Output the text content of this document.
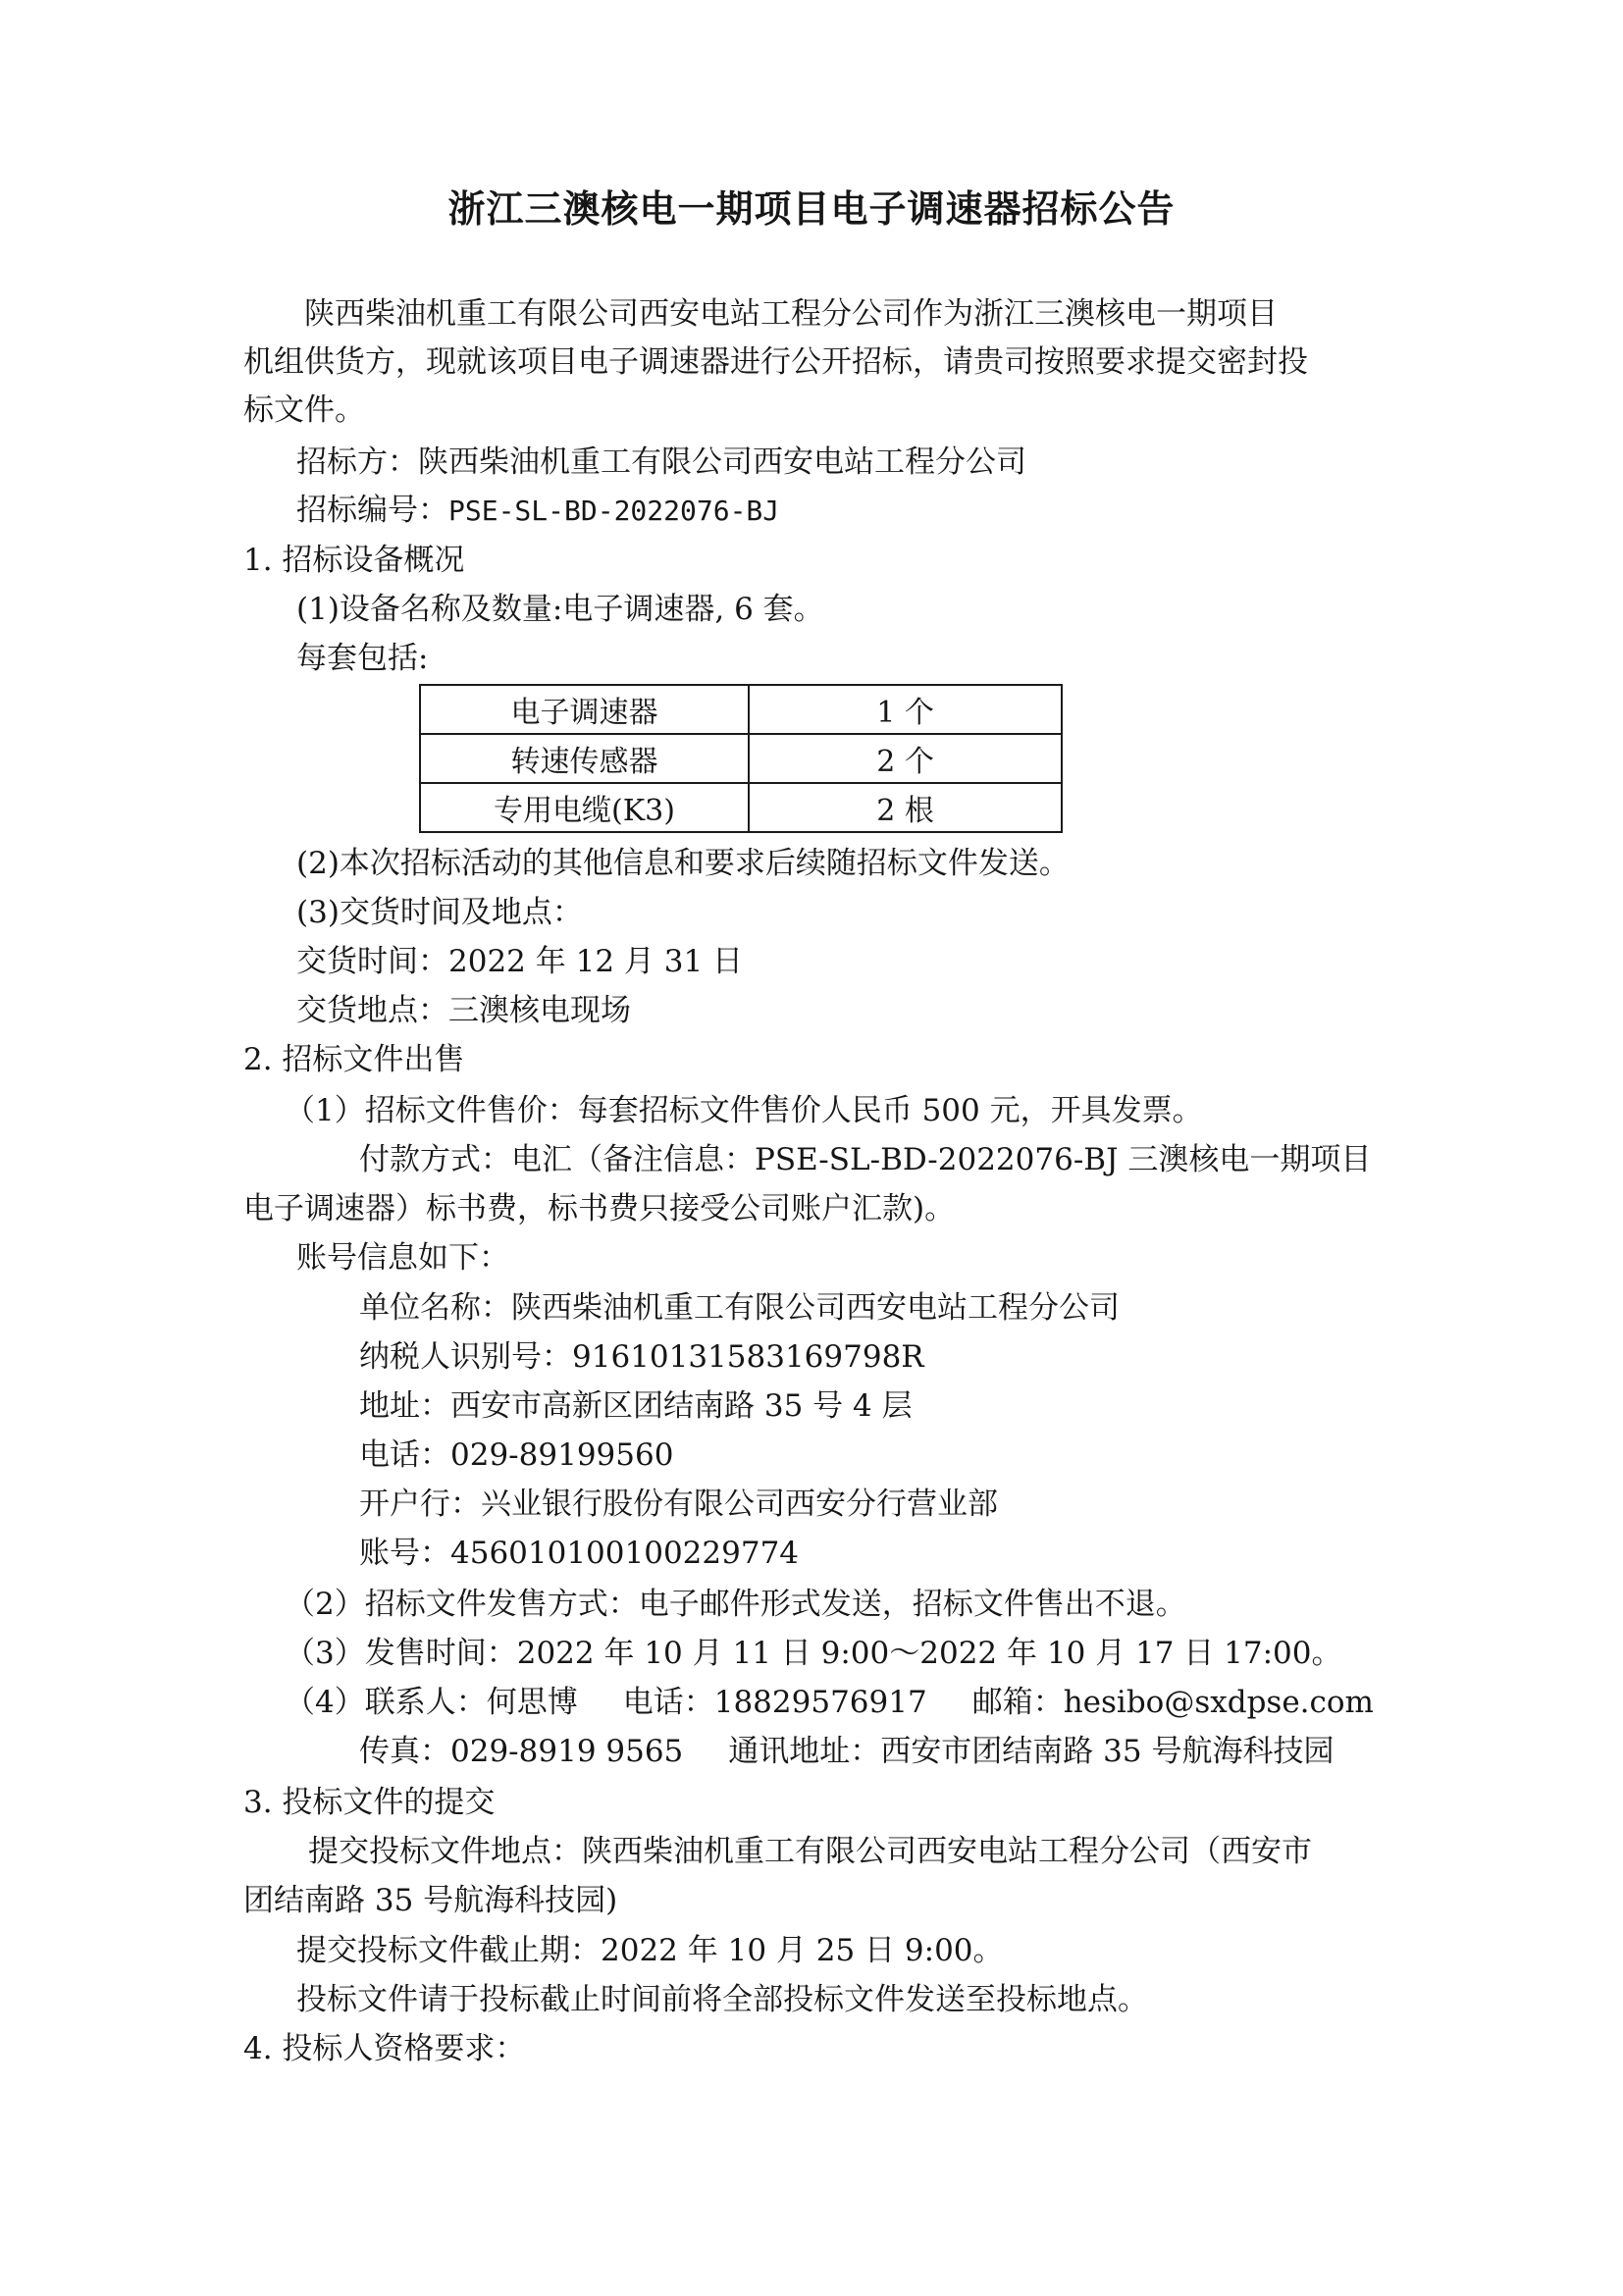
浙江三澳核电一期项目电子调速器招标公告
陕西柴油机重工有限公司西安电站工程分公司作为浙江三澳核电一期项目
机组供货方，现就该项目电子调速器进行公开招标，请贵司按照要求提交密封投
标文件。
招标方：陕西柴油机重工有限公司西安电站工程分公司
招标编号：PSE-SL-BD-2022076-BJ
1. 招标设备概况
(1)设备名称及数量:电子调速器, 6 套。
每套包括:
电子调速器	1 个
转速传感器	2 个
专用电缆(K3)	2 根
(2)本次招标活动的其他信息和要求后续随招标文件发送。
(3)交货时间及地点：
交货时间：2022 年 12 月 31 日
交货地点：三澳核电现场
2. 招标文件出售
（1）招标文件售价：每套招标文件售价人民币 500 元，开具发票。
付款方式：电汇（备注信息：PSE-SL-BD-2022076-BJ 三澳核电一期项目
电子调速器）标书费，标书费只接受公司账户汇款)。
账号信息如下：
单位名称：陕西柴油机重工有限公司西安电站工程分公司
纳税人识别号：91610131583169798R
地址：西安市高新区团结南路 35 号 4 层
电话：029-89199560
开户行：兴业银行股份有限公司西安分行营业部
账号：456010100100229774
（2）招标文件发售方式：电子邮件形式发送，招标文件售出不退。
（3）发售时间：2022 年 10 月 11 日 9:00～2022 年 10 月 17 日 17:00。
（4）联系人：何思博 电话：18829576917 邮箱：hesibo@sxdpse.com
传真：029-8919 9565 通讯地址：西安市团结南路 35 号航海科技园
3. 投标文件的提交
提交投标文件地点：陕西柴油机重工有限公司西安电站工程分公司（西安市
团结南路 35 号航海科技园)
提交投标文件截止期：2022 年 10 月 25 日 9:00。
投标文件请于投标截止时间前将全部投标文件发送至投标地点。
4. 投标人资格要求：
